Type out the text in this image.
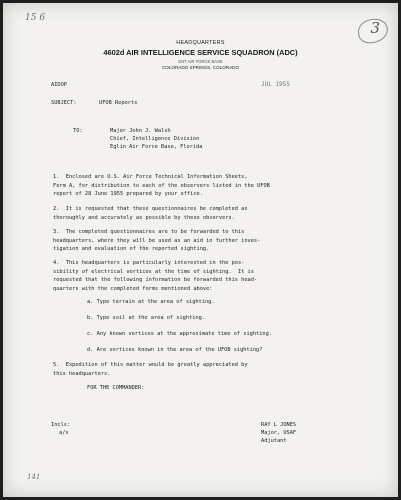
15 6
3
HEADQUARTERS
4602d AIR INTELLIGENCE SERVICE SQUADRON (ADC)
ENT AIR FORCE BASE
COLORADO SPRINGS, COLORADO
AIDOP	JUL 1955
SUBJECT:	UFOB Reports
TO:	Major John J. Walsh
Chief, Intelligence Division
Eglin Air Force Base, Florida
1.  Enclosed are U.S. Air Force Technical Information Sheets,
Form A, for distribution to each of the observers listed in the UFOB
report of 28 June 1955 prepared by your office.
2.  It is requested that these questionnaires be completed as
thoroughly and accurately as possible by these observers.
3.  The completed questionnaires are to be forwarded to this
headquarters, where they will be used as an aid in further inves-
tigation and evaluation of the reported sighting.
4.  This headquarters is particularly interested in the pos-
sibility of electrical vortices at the time of sighting.  It is
requested that the following information be forwarded this head-
quarters with the completed forms mentioned above:
a. Type terrain at the area of sighting.
b. Type soil at the area of sighting.
c. Any known vortices at the approximate time of sighting.
d. Are vortices known in the area of the UFOB sighting?
5.  Expedition of this matter would be greatly appreciated by
this headquarters.
FOR THE COMMANDER:
Incls:
a/s
RAY L JONES
Major, USAF
Adjutant
141
